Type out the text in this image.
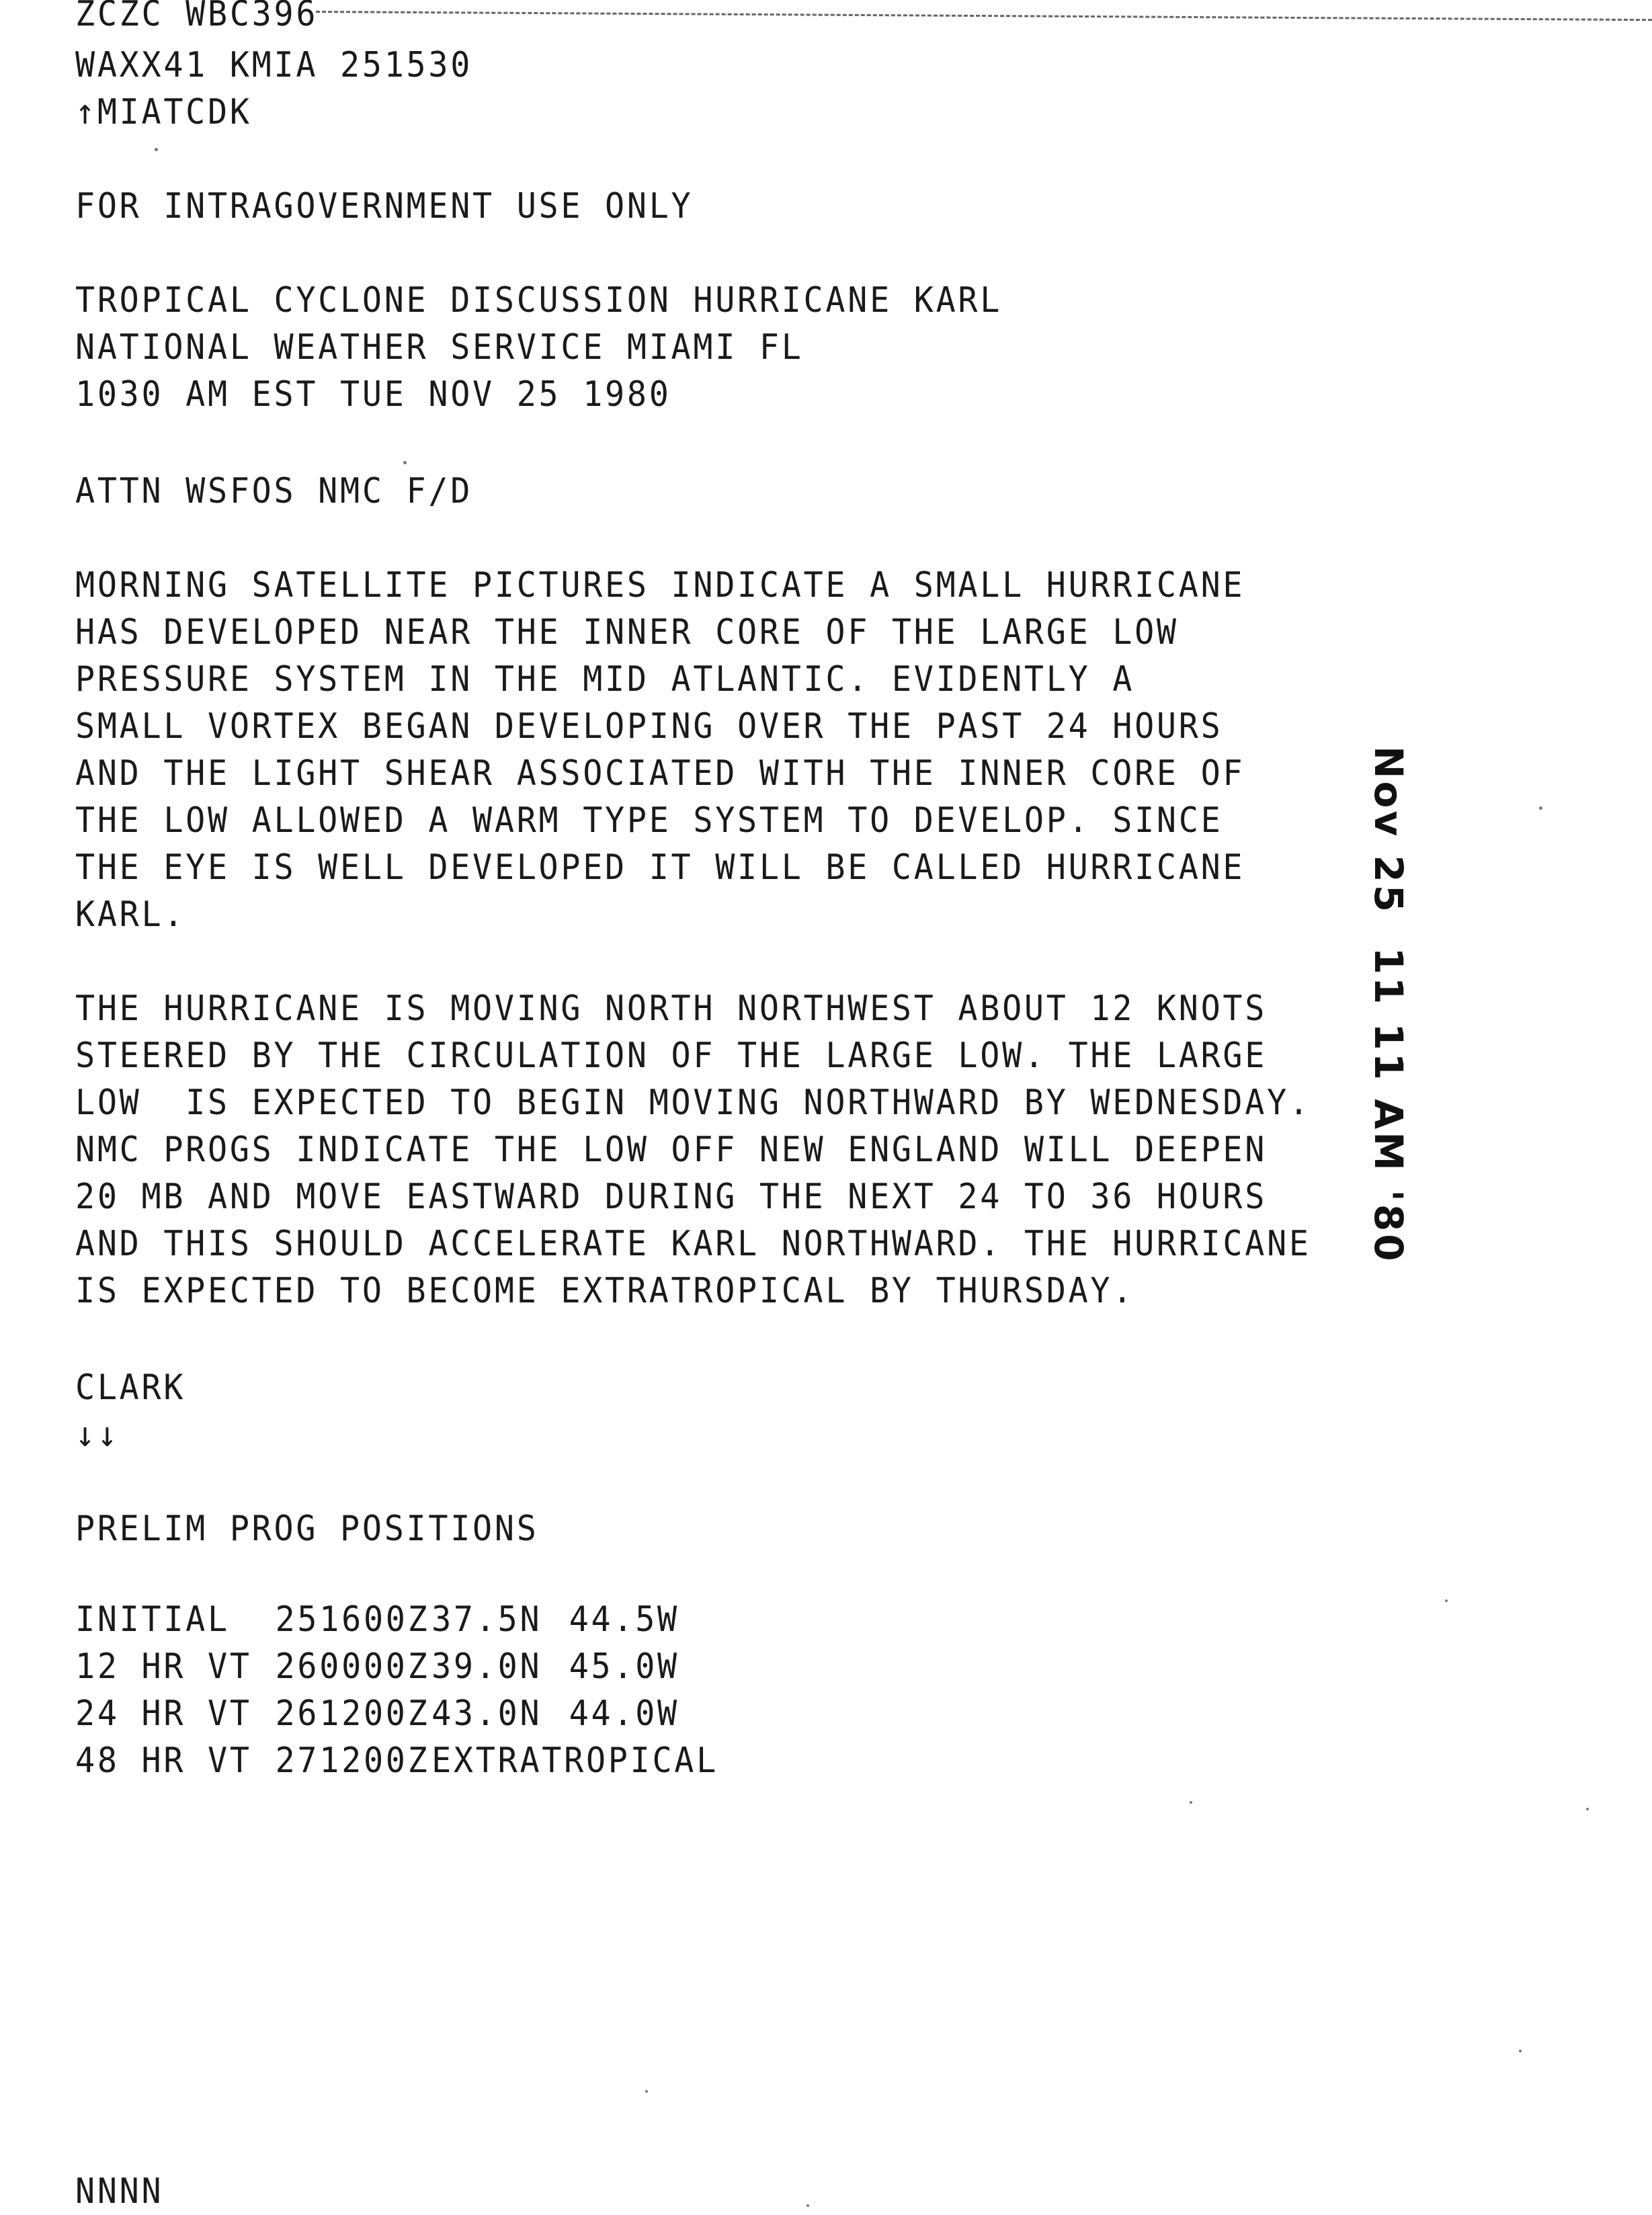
ZCZC WBC396
WAXX41 KMIA 251530
↑MIATCDK
FOR INTRAGOVERNMENT USE ONLY
TROPICAL CYCLONE DISCUSSION HURRICANE KARL
NATIONAL WEATHER SERVICE MIAMI FL
1030 AM EST TUE NOV 25 1980
ATTN WSFOS NMC F/D
MORNING SATELLITE PICTURES INDICATE A SMALL HURRICANE
HAS DEVELOPED NEAR THE INNER CORE OF THE LARGE LOW
PRESSURE SYSTEM IN THE MID ATLANTIC. EVIDENTLY A
SMALL VORTEX BEGAN DEVELOPING OVER THE PAST 24 HOURS
AND THE LIGHT SHEAR ASSOCIATED WITH THE INNER CORE OF
THE LOW ALLOWED A WARM TYPE SYSTEM TO DEVELOP. SINCE
THE EYE IS WELL DEVELOPED IT WILL BE CALLED HURRICANE
KARL.
THE HURRICANE IS MOVING NORTH NORTHWEST ABOUT 12 KNOTS
STEERED BY THE CIRCULATION OF THE LARGE LOW. THE LARGE
LOW  IS EXPECTED TO BEGIN MOVING NORTHWARD BY WEDNESDAY.
NMC PROGS INDICATE THE LOW OFF NEW ENGLAND WILL DEEPEN
20 MB AND MOVE EASTWARD DURING THE NEXT 24 TO 36 HOURS
AND THIS SHOULD ACCELERATE KARL NORTHWARD. THE HURRICANE
IS EXPECTED TO BECOME EXTRATROPICAL BY THURSDAY.
CLARK
↓↓
PRELIM PROG POSITIONS

INITIAL

251600Z

37.5N

44.5W

12 HR VT

260000Z

39.0N

45.0W

24 HR VT

261200Z

43.0N

44.0W

48 HR VT

271200Z

EXTRATROPICAL

NNNN
Nov 25  11 11 AM '80
